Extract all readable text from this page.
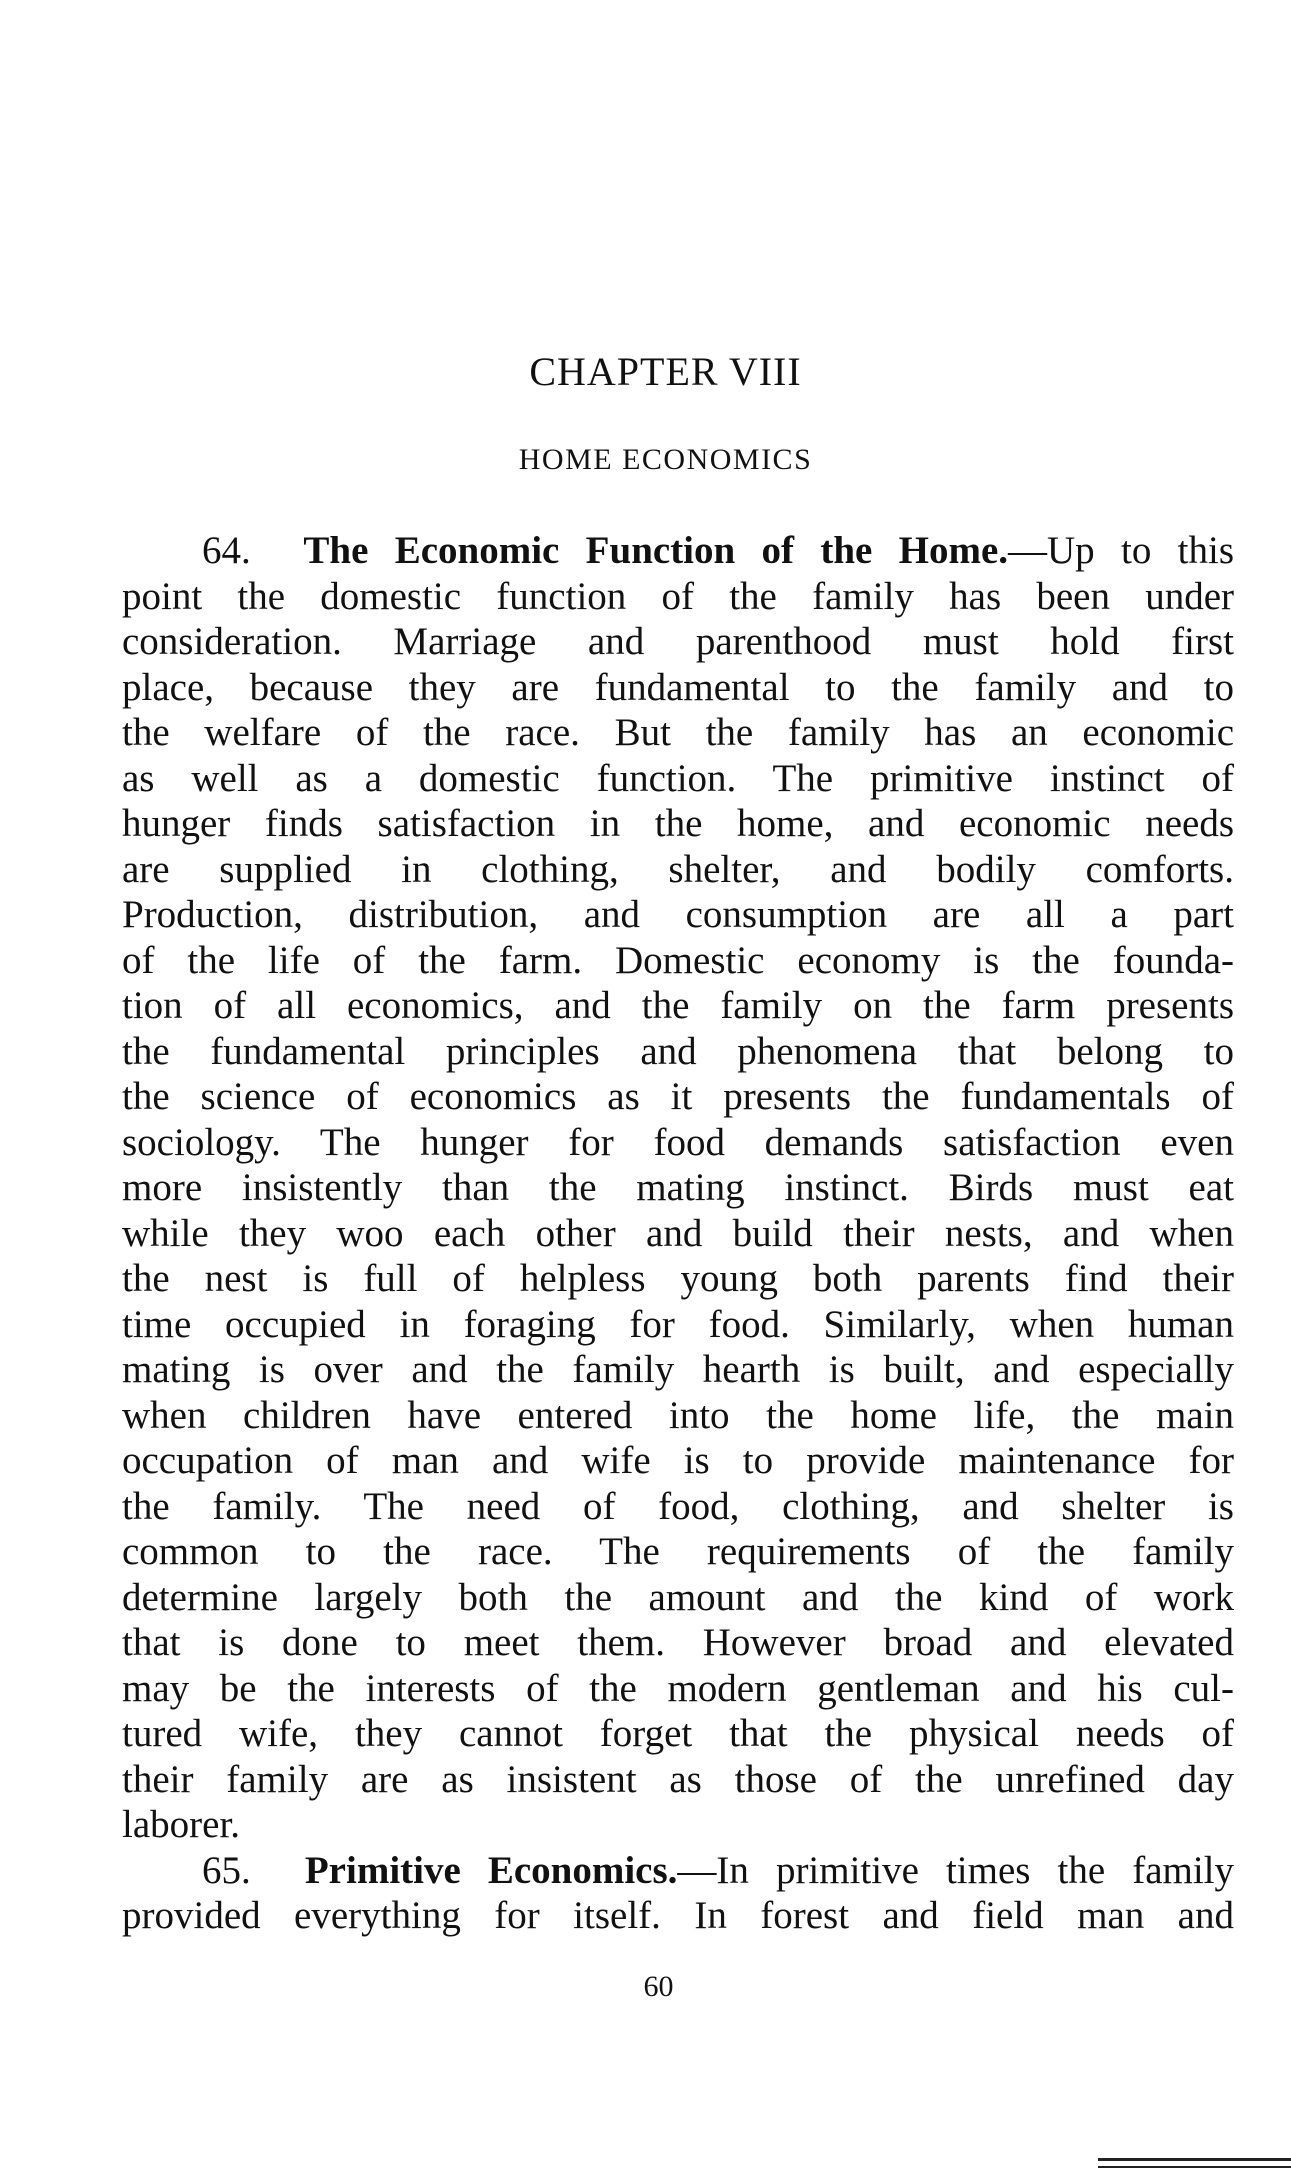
CHAPTER VIII
HOME ECONOMICS
64. The Economic Function of the Home.—Up to this
point the domestic function of the family has been under
consideration. Marriage and parenthood must hold first
place, because they are fundamental to the family and to
the welfare of the race. But the family has an economic
as well as a domestic function. The primitive instinct of
hunger finds satisfaction in the home, and economic needs
are supplied in clothing, shelter, and bodily comforts.
Production, distribution, and consumption are all a part
of the life of the farm. Domestic economy is the founda-
tion of all economics, and the family on the farm presents
the fundamental principles and phenomena that belong to
the science of economics as it presents the fundamentals of
sociology. The hunger for food demands satisfaction even
more insistently than the mating instinct. Birds must eat
while they woo each other and build their nests, and when
the nest is full of helpless young both parents find their
time occupied in foraging for food. Similarly, when human
mating is over and the family hearth is built, and especially
when children have entered into the home life, the main
occupation of man and wife is to provide maintenance for
the family. The need of food, clothing, and shelter is
common to the race. The requirements of the family
determine largely both the amount and the kind of work
that is done to meet them. However broad and elevated
may be the interests of the modern gentleman and his cul-
tured wife, they cannot forget that the physical needs of
their family are as insistent as those of the unrefined day
laborer.
65. Primitive Economics.—In primitive times the family
provided everything for itself. In forest and field man and
60
